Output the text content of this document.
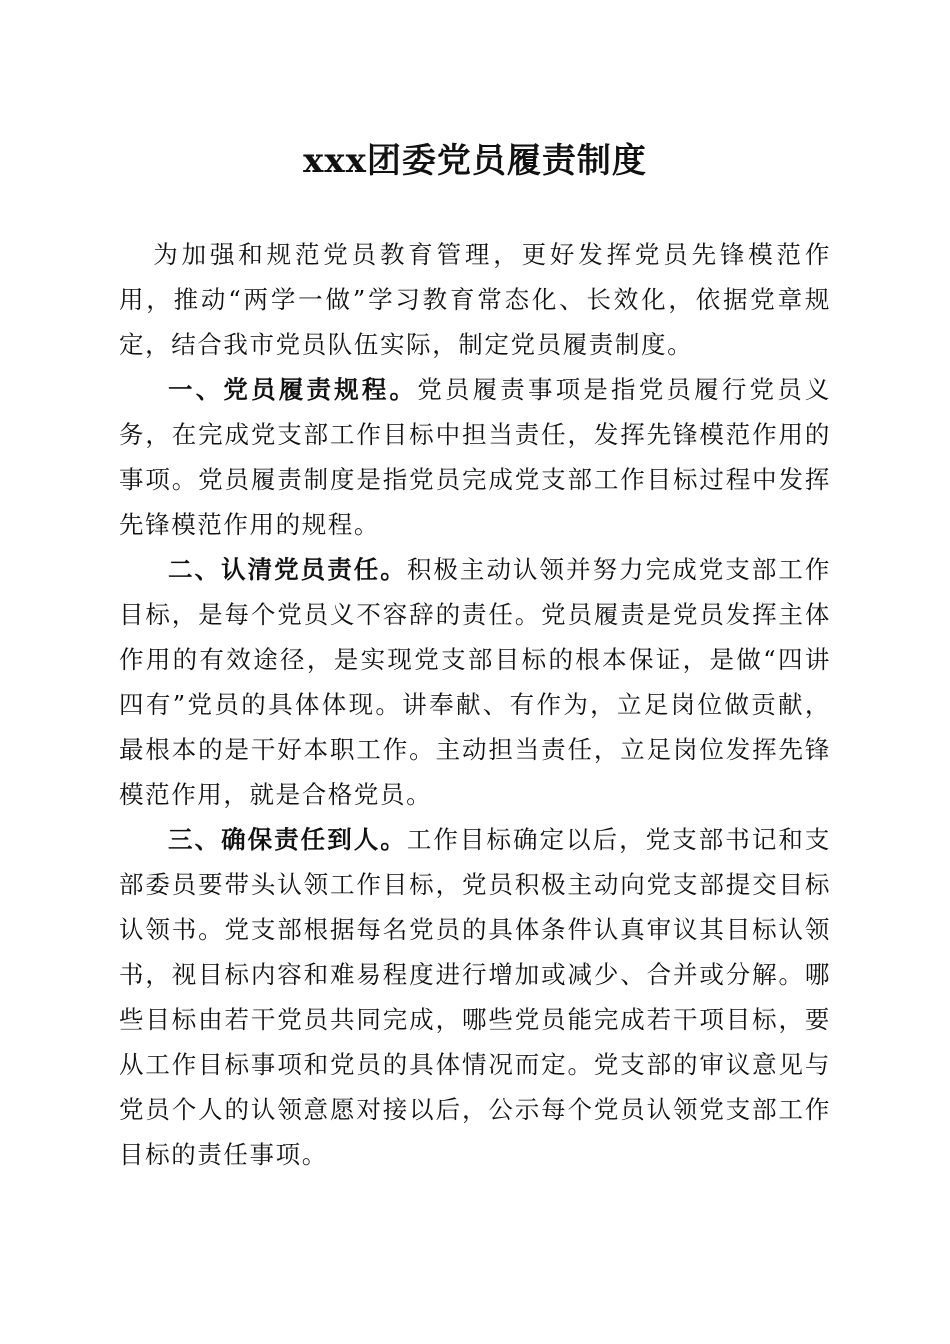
xxx团委党员履责制度

为加强和规范党员教育管理，更好发挥党员先锋模范作用，推动“两学一做”学习教育常态化、长效化，依据党章规定，结合我市党员队伍实际，制定党员履责制度。

一、党员履责规程。党员履责事项是指党员履行党员义务，在完成党支部工作目标中担当责任，发挥先锋模范作用的事项。党员履责制度是指党员完成党支部工作目标过程中发挥先锋模范作用的规程。

二、认清党员责任。积极主动认领并努力完成党支部工作目标，是每个党员义不容辞的责任。党员履责是党员发挥主体作用的有效途径，是实现党支部目标的根本保证，是做“四讲四有”党员的具体体现。讲奉献、有作为，立足岗位做贡献，最根本的是干好本职工作。主动担当责任，立足岗位发挥先锋模范作用，就是合格党员。

三、确保责任到人。工作目标确定以后，党支部书记和支部委员要带头认领工作目标，党员积极主动向党支部提交目标认领书。党支部根据每名党员的具体条件认真审议其目标认领书，视目标内容和难易程度进行增加或减少、合并或分解。哪些目标由若干党员共同完成，哪些党员能完成若干项目标，要从工作目标事项和党员的具体情况而定。党支部的审议意见与党员个人的认领意愿对接以后，公示每个党员认领党支部工作目标的责任事项。
